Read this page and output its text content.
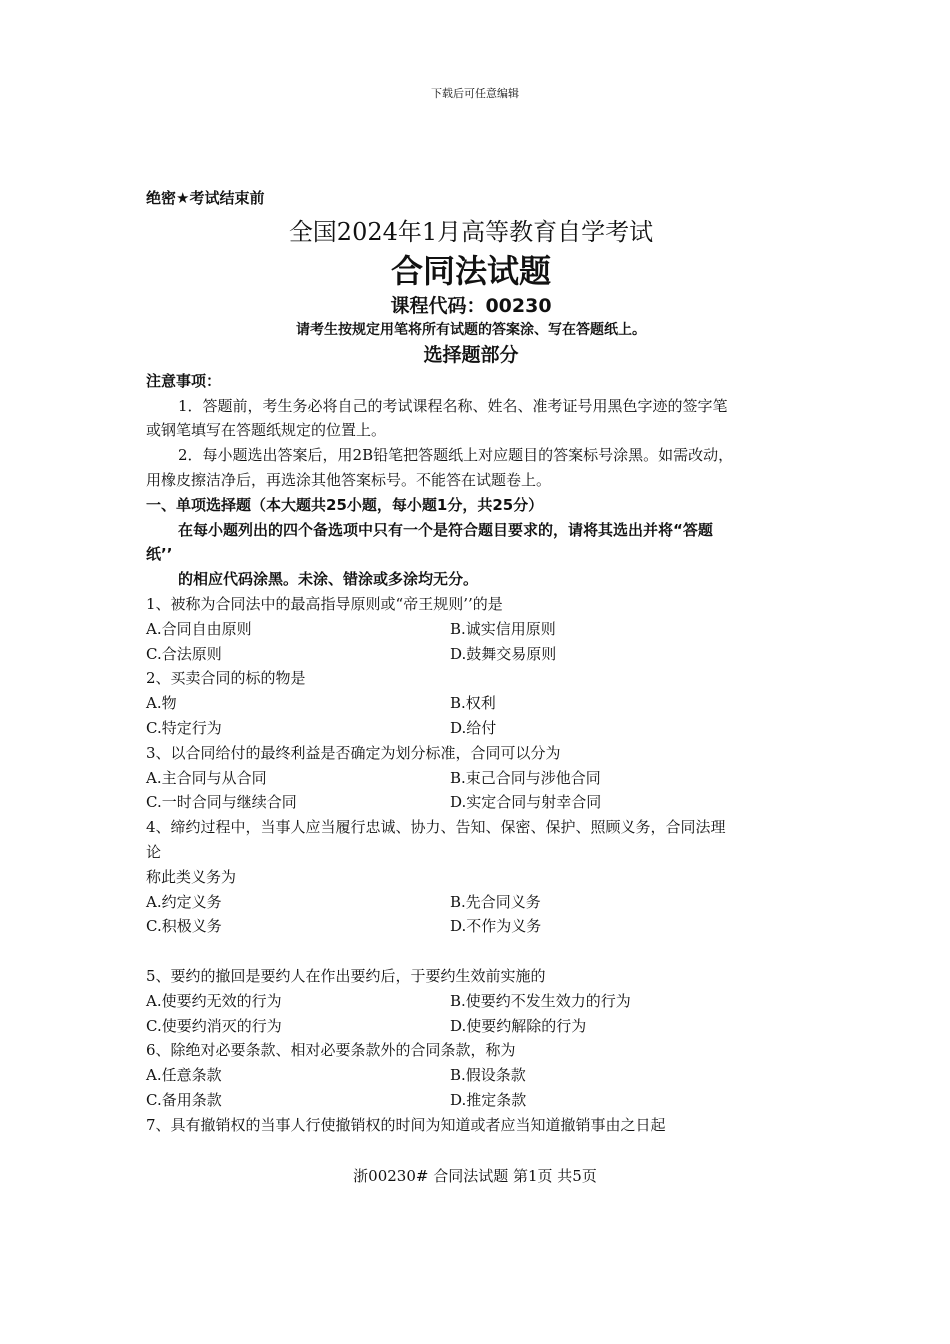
下载后可任意编辑
绝密★考试结束前
全国2024年1月高等教育自学考试
合同法试题
课程代码：00230
请考生按规定用笔将所有试题的答案涂、写在答题纸上。
选择题部分
注意事项：
1．答题前，考生务必将自己的考试课程名称、姓名、准考证号用黑色字迹的签字笔
或钢笔填写在答题纸规定的位置上。
2．每小题选出答案后，用2B铅笔把答题纸上对应题目的答案标号涂黑。如需改动，
用橡皮擦洁净后，再选涂其他答案标号。不能答在试题卷上。
一、单项选择题（本大题共25小题，每小题1分，共25分）
在每小题列出的四个备选项中只有一个是符合题目要求的，请将其选出并将“答题
纸’’
的相应代码涂黑。未涂、错涂或多涂均无分。
1、被称为合同法中的最高指导原则或“帝王规则’’的是
A.合同自由原则	B.诚实信用原则
C.合法原则	D.鼓舞交易原则
2、买卖合同的标的物是
A.物	B.权利
C.特定行为	D.给付
3、以合同给付的最终利益是否确定为划分标准，合同可以分为
A.主合同与从合同	B.束己合同与涉他合同
C.一时合同与继续合同	D.实定合同与射幸合同
4、缔约过程中，当事人应当履行忠诚、协力、告知、保密、保护、照顾义务，合同法理
论
称此类义务为
A.约定义务	B.先合同义务
C.积极义务	D.不作为义务
5、要约的撤回是要约人在作出要约后，于要约生效前实施的
A.使要约无效的行为	B.使要约不发生效力的行为
C.使要约消灭的行为	D.使要约解除的行为
6、除绝对必要条款、相对必要条款外的合同条款，称为
A.任意条款	B.假设条款
C.备用条款	D.推定条款
7、具有撤销权的当事人行使撤销权的时间为知道或者应当知道撤销事由之日起
浙00230# 合同法试题 第1页 共5页
